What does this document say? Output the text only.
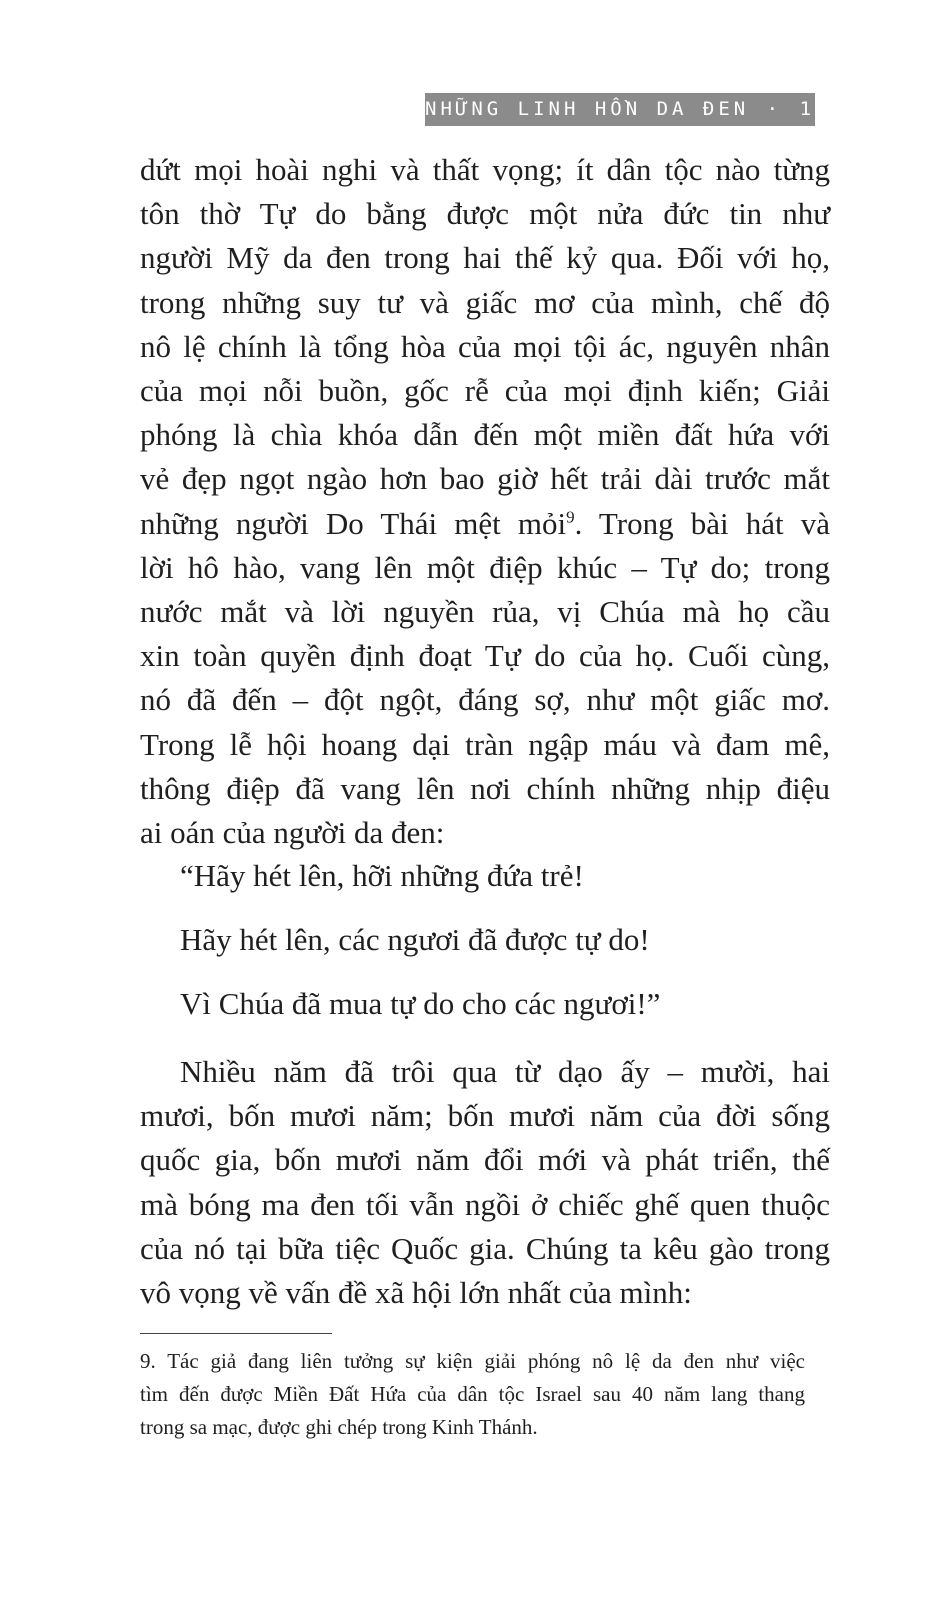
NHỮNG LINH HỒN DA ĐEN · 17
dứt mọi hoài nghi và thất vọng; ít dân tộc nào từng
tôn thờ Tự do bằng được một nửa đức tin như
người Mỹ da đen trong hai thế kỷ qua. Đối với họ,
trong những suy tư và giấc mơ của mình, chế độ
nô lệ chính là tổng hòa của mọi tội ác, nguyên nhân
của mọi nỗi buồn, gốc rễ của mọi định kiến; Giải
phóng là chìa khóa dẫn đến một miền đất hứa với
vẻ đẹp ngọt ngào hơn bao giờ hết trải dài trước mắt
những người Do Thái mệt mỏi$^9$. Trong bài hát và
lời hô hào, vang lên một điệp khúc – Tự do; trong
nước mắt và lời nguyền rủa, vị Chúa mà họ cầu
xin toàn quyền định đoạt Tự do của họ. Cuối cùng,
nó đã đến – đột ngột, đáng sợ, như một giấc mơ.
Trong lễ hội hoang dại tràn ngập máu và đam mê,
thông điệp đã vang lên nơi chính những nhịp điệu
ai oán của người da đen:
“Hãy hét lên, hỡi những đứa trẻ!
Hãy hét lên, các ngươi đã được tự do!
Vì Chúa đã mua tự do cho các ngươi!”
Nhiều năm đã trôi qua từ dạo ấy – mười, hai
mươi, bốn mươi năm; bốn mươi năm của đời sống
quốc gia, bốn mươi năm đổi mới và phát triển, thế
mà bóng ma đen tối vẫn ngồi ở chiếc ghế quen thuộc
của nó tại bữa tiệc Quốc gia. Chúng ta kêu gào trong
vô vọng về vấn đề xã hội lớn nhất của mình:
9. Tác giả đang liên tưởng sự kiện giải phóng nô lệ da đen như việc
tìm đến được Miền Đất Hứa của dân tộc Israel sau 40 năm lang thang
trong sa mạc, được ghi chép trong Kinh Thánh.
